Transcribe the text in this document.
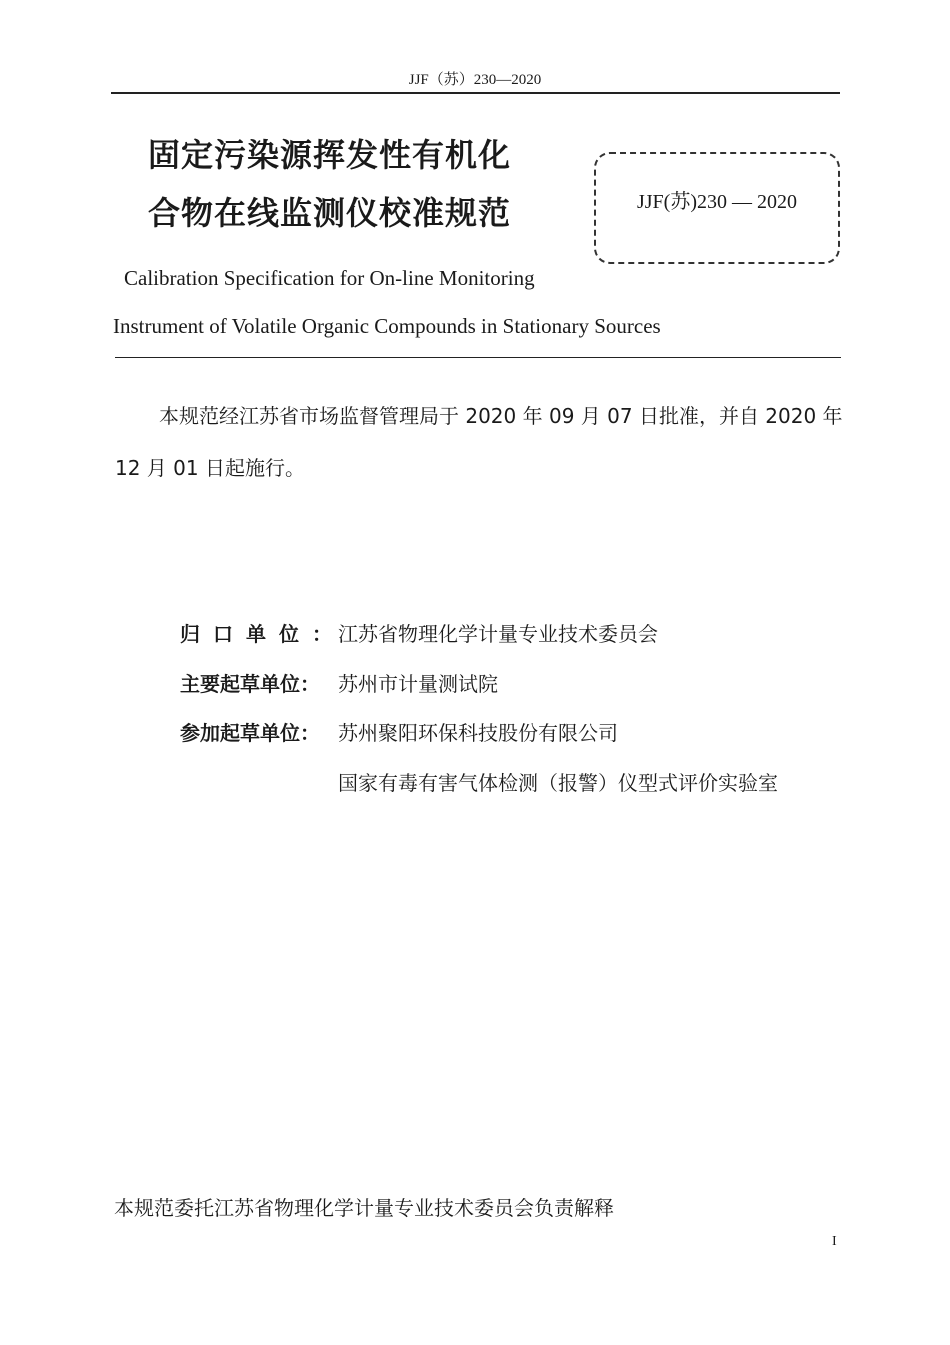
JJF（苏）230—2020
固定污染源挥发性有机化
合物在线监测仪校准规范	JJF(苏)230 — 2020
Calibration Specification for On-line Monitoring
Instrument of Volatile Organic Compounds in Stationary Sources
本规范经江苏省市场监督管理局于 2020 年 09 月 07 日批准，并自 2020 年 12 月 01 日起施行。
归口单位：
江苏省物理化学计量专业技术委员会
主要起草单位： 苏州市计量测试院
参加起草单位： 苏州聚阳环保科技股份有限公司
国家有毒有害气体检测（报警）仪型式评价实验室
本规范委托江苏省物理化学计量专业技术委员会负责解释
I
